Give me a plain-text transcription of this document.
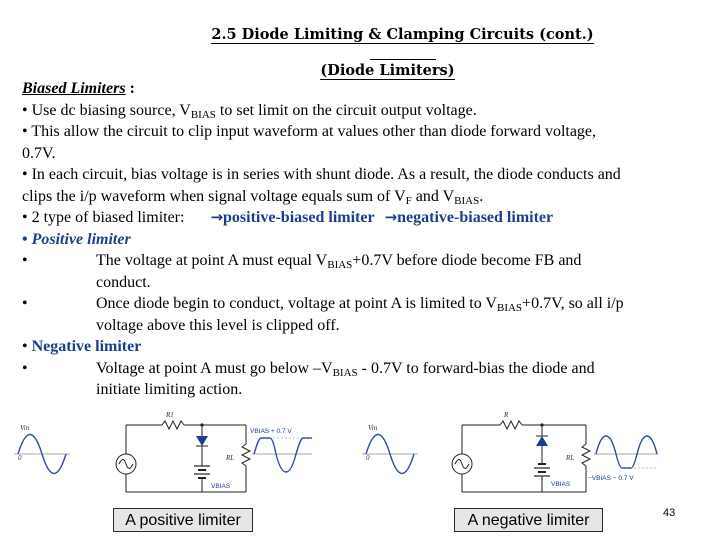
2.5 Diode Limiting & Clamping Circuits (cont.)
(Diode Limiters)
Biased Limiters :
• Use dc biasing source, $V_{BIAS}$ to set limit on the circuit output voltage.
• This allow the circuit to clip input waveform at values other than diode forward voltage,
0.7V.
• In each circuit, bias voltage is in series with shunt diode. As a result, the diode conducts and
clips the i/p waveform when signal voltage equals sum of $V_F$ and $V_{BIAS}$.
• 2 type of biased limiter: →positive-biased limiter →negative-biased limiter
• Positive limiter
•	The voltage at point A must equal $V_{BIAS}+0.7V$ before diode become FB and
conduct.
•	Once diode begin to conduct, voltage at point A is limited to $V_{BIAS}+0.7V$, so all i/p
voltage above this level is clipped off.
• Negative limiter
•	Voltage at point A must go below $-V_{BIAS} - 0.7V$ to forward-bias the diode and
initiate limiting action.
Vin
0
R1
VBIAS
RL
VBIAS + 0.7 V	Vin
0
R
VBIAS
RL
−VBIAS − 0.7 V
A positive limiter	A negative limiter	43
